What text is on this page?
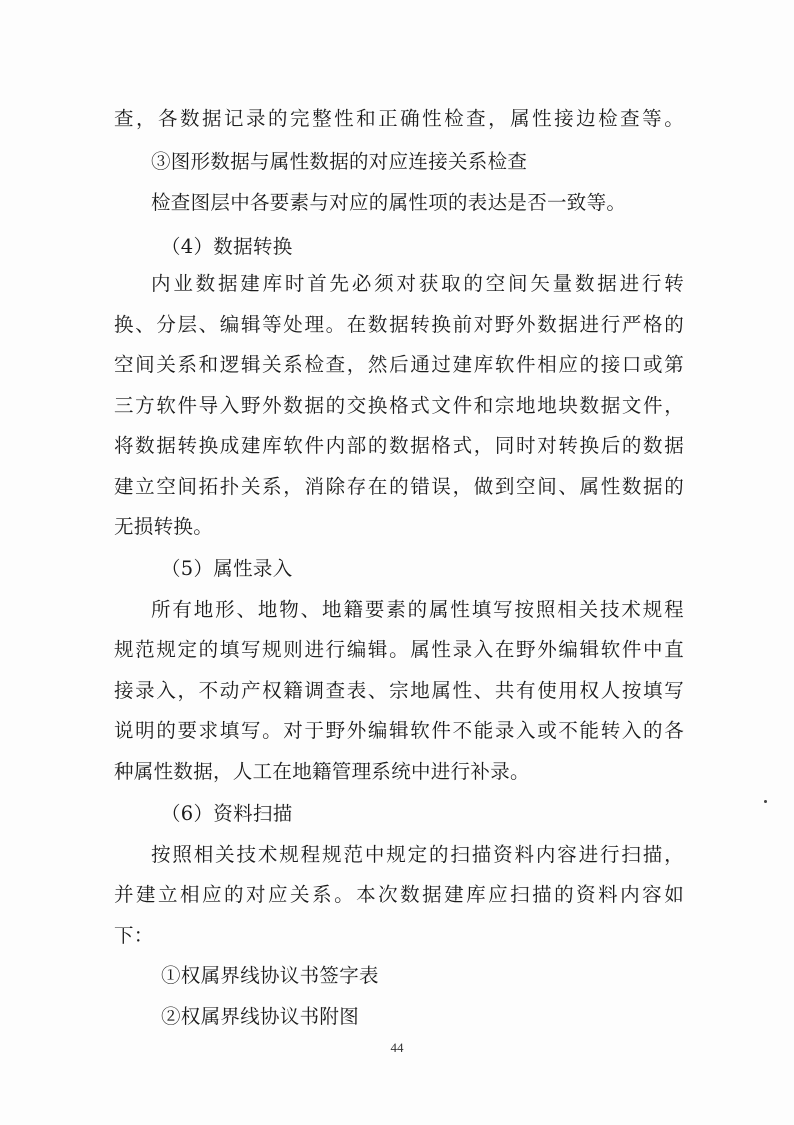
查，各数据记录的完整性和正确性检查，属性接边检查等。
③图形数据与属性数据的对应连接关系检查
检查图层中各要素与对应的属性项的表达是否一致等。
（4）数据转换
内业数据建库时首先必须对获取的空间矢量数据进行转
换、分层、编辑等处理。在数据转换前对野外数据进行严格的
空间关系和逻辑关系检查，然后通过建库软件相应的接口或第
三方软件导入野外数据的交换格式文件和宗地地块数据文件，
将数据转换成建库软件内部的数据格式，同时对转换后的数据
建立空间拓扑关系，消除存在的错误，做到空间、属性数据的
无损转换。
（5）属性录入
所有地形、地物、地籍要素的属性填写按照相关技术规程
规范规定的填写规则进行编辑。属性录入在野外编辑软件中直
接录入，不动产权籍调查表、宗地属性、共有使用权人按填写
说明的要求填写。对于野外编辑软件不能录入或不能转入的各
种属性数据，人工在地籍管理系统中进行补录。
（6）资料扫描
按照相关技术规程规范中规定的扫描资料内容进行扫描，
并建立相应的对应关系。本次数据建库应扫描的资料内容如
下：
①权属界线协议书签字表
②权属界线协议书附图
44
